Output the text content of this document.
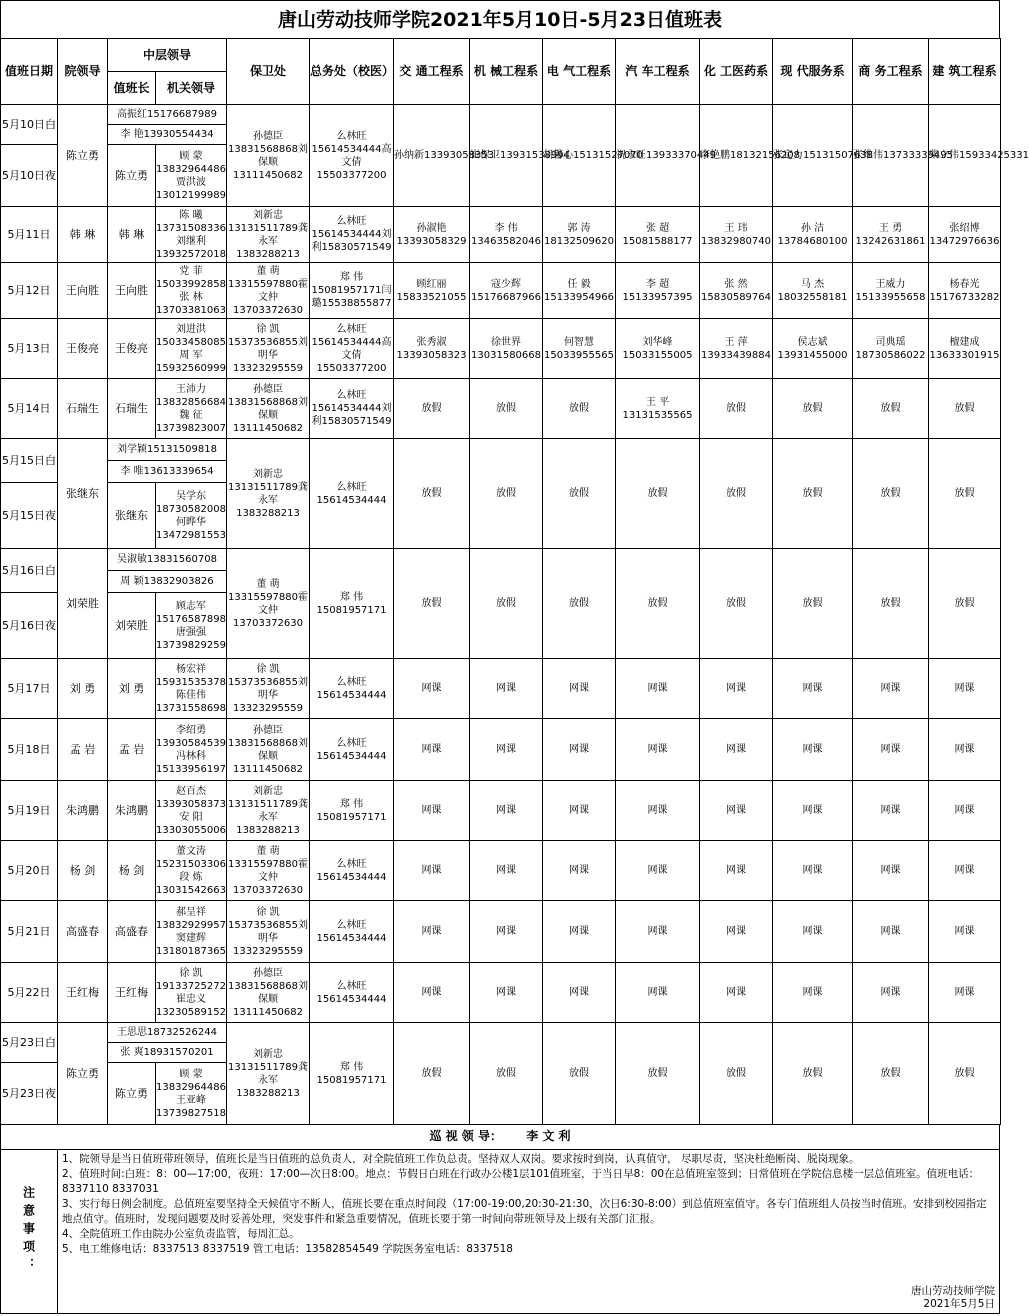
唐山劳动技师学院2021年5月10日-5月23日值班表
值班日期	院领导	中层领导		保卫处	总务处（校医）	交 通工程系	机 械工程系	电 气工程系	汽 车工程系	化 工医药系	现 代服务系	商 务工程系	建 筑工程系
		值班长	机关领导										
5月10日白	陈立勇	高振红15176687989		孙德臣13831568868刘保顺13111450682	么林旺15614534444高文倩15503377200	孙纳新13393058353	崔保卫13931538994	胡馨心15131527070	祝永旺13933370449	李艳鹏18132156208	张定力15131507638	张维伟13733339495	柴立伟15933425331
		李 艳13930554434											
5月10日夜		陈立勇	顾 蒙13832964486贾洪波13012199989										
5月11日	韩 琳	韩 琳	陈 曦13731508336刘继利13932572018	刘新忠13131511789龚永军1383288213	么林旺15614534444刘 利15830571549	孙淑艳13393058329	李 伟13463582046	郭 涛18132509620	张 超15081588177	王 玮13832980740	孙 洁13784680100	王 勇13242631861	张绍博13472976636
5月12日	王向胜	王向胜	党 菲15033992858张 林13703381063	董 萌13315597880霍文仲13703372630	郑 伟15081957171闫 璐15538855877	顾红丽15833521055	寇少辉15176687966	任 毅15133954966	李 超15133957395	张 然15830589764	马 杰18032558181	王威力15133955658	杨春光15176733282
5月13日	王俊亮	王俊亮	刘进洪15033458085周 军15932560999	徐 凯15373536855刘明华13323295559	么林旺15614534444高文倩15503377200	张秀淑13393058323	徐世界13031580668	何智慧15033955565	刘华峰15033155005	王 萍13933439884	侯志斌13931455000	司典瑶18730586022	檀建成13633301915
5月14日	石瑞生	石瑞生	王沛力13832856684魏 征13739823007	孙德臣13831568868刘保顺13111450682	么林旺15614534444刘 利15830571549	放假	放假	放假	王 平13131535565	放假	放假	放假	放假
5月15日白	张继东	刘学颖15131509818		刘新忠13131511789龚永军1383288213	么林旺15614534444	放假	放假	放假	放假	放假	放假	放假	放假
		李 唯13613339654											
5月15日夜		张继东	吴学东18730582008何晔华13472981553										
5月16日白	刘荣胜	吴淑敏13831560708		董 萌13315597880霍文仲13703372630	郑 伟15081957171	放假	放假	放假	放假	放假	放假	放假	放假
		周 颖13832903826											
5月16日夜		刘荣胜	顾志军15176587898唐强强13739829259										
5月17日	刘 勇	刘 勇	杨宏祥15931535378陈佳伟13731558698	徐 凯15373536855刘明华13323295559	么林旺15614534444	网课	网课	网课	网课	网课	网课	网课	网课
5月18日	孟 岩	孟 岩	李绍勇13930584539冯林科15133956197	孙德臣13831568868刘保顺13111450682	么林旺15614534444	网课	网课	网课	网课	网课	网课	网课	网课
5月19日	朱鸿鹏	朱鸿鹏	赵百杰13393058373安 阳13303055006	刘新忠13131511789龚永军1383288213	郑 伟15081957171	网课	网课	网课	网课	网课	网课	网课	网课
5月20日	杨 剑	杨 剑	董文涛15231503306段 炼13031542663	董 萌13315597880霍文仲13703372630	么林旺15614534444	网课	网课	网课	网课	网课	网课	网课	网课
5月21日	高盛春	高盛春	郝呈祥13832929957窦建辉13180187365	徐 凯15373536855刘明华13323295559	么林旺15614534444	网课	网课	网课	网课	网课	网课	网课	网课
5月22日	王红梅	王红梅	徐 凯19133725272崔忠义13230589152	孙德臣13831568868刘保顺13111450682	么林旺15614534444	网课	网课	网课	网课	网课	网课	网课	网课
5月23日白	陈立勇	王思思18732526244		刘新忠13131511789龚永军1383288213	郑 伟15081957171	放假	放假	放假	放假	放假	放假	放假	放假
		张 爽18931570201											
5月23日夜		陈立勇	顾 蒙13832964486王亚峰13739827518										
巡 视 领 导： 李 文 利
注意事项：
1、院领导是当日值班带班领导，值班长是当日值班的总负责人，对全院值班工作负总责。坚持双人双岗。要求按时到岗，认真值守， 尽职尽责，坚决杜绝断岗、脱岗现象。
2、值班时间:白班：8：00—17:00，夜班：17:00—次日8:00。地点：节假日白班在行政办公楼1层101值班室，于当日早8：00在总值班室签到；日常值班在学院信息楼一层总值班室。值班电话：8337110 8337031
3、实行每日例会制度。总值班室要坚持全天候值守不断人，值班长要在重点时间段（17:00-19:00,20:30-21:30，次日6:30-8:00）到总值班室值守。各专门值班组人员按当时值班。安排到校园指定地点值守。值班时，发现问题要及时妥善处理，突发事件和紧急重要情况，值班长要于第一时间向带班领导及上级有关部门汇报。
4、全院值班工作由院办公室负责监管，每周汇总。
5、电工维修电话：8337513 8337519 管工电话：13582854549 学院医务室电话：8337518
唐山劳动技师学院
2021年5月5日
